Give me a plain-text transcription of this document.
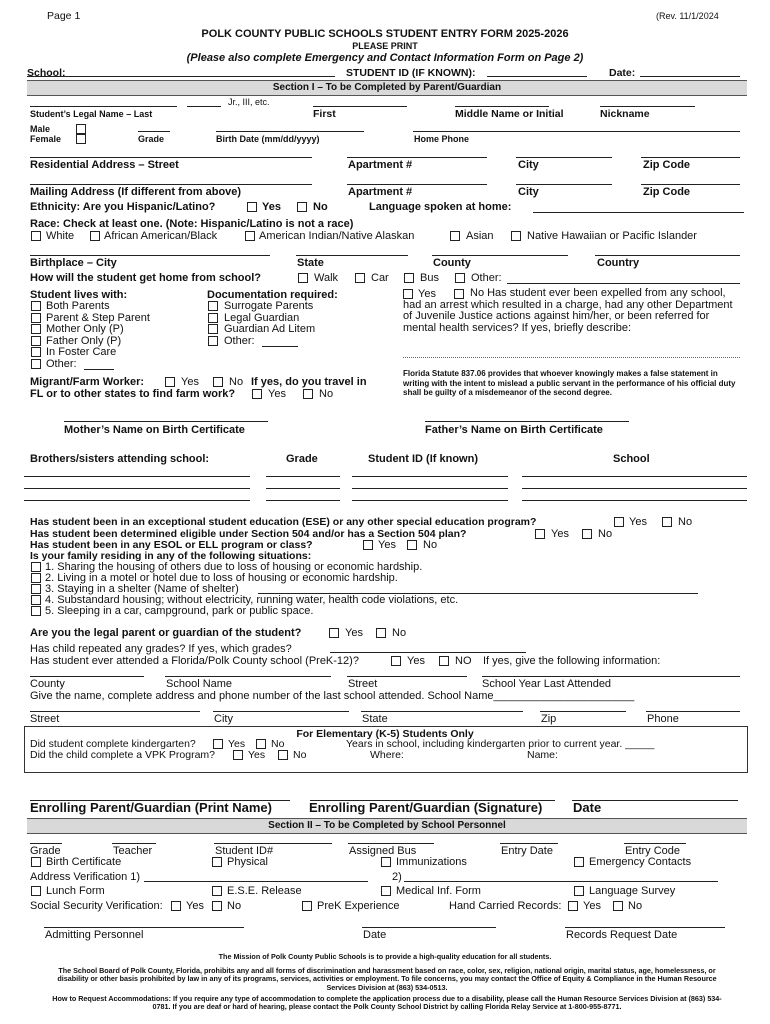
Page 1	(Rev. 11/1/2024
POLK COUNTY PUBLIC SCHOOLS STUDENT ENTRY FORM 2025-2026
PLEASE PRINT
(Please also complete Emergency and Contact Information Form on Page 2)
School:	STUDENT ID (IF KNOWN):	Date:
Section I – To be Completed by Parent/Guardian
Jr., III, etc.
Student’s Legal Name – Last	First	Middle Name or Initial	Nickname
Male
Female	Grade	Birth Date (mm/dd/yyyy)	Home Phone
Residential Address – Street	Apartment #	City	Zip Code
Mailing Address (If different from above)	Apartment #	City	Zip Code
Ethnicity: Are you Hispanic/Latino?	Yes	No	Language spoken at home:
Race: Check at least one. (Note: Hispanic/Latino is not a race)
White	African American/Black	American Indian/Native Alaskan	Asian	Native Hawaiian or Pacific Islander
Birthplace – City	State	County	Country
How will the student get home from school?	Walk	Car	Bus	Other:
Student lives with:
Both Parents
Parent & Step Parent
Mother Only (P)
Father Only (P)
In Foster Care
Other:
Documentation required:
Surrogate Parents
Legal Guardian
Guardian Ad Litem
Other:
Yes	No Has student ever been expelled from any school, had an arrest which resulted in a charge, had any other Department of Juvenile Justice actions against him/her, or been referred for mental health services? If yes, briefly describe:
Florida Statute 837.06 provides that whoever knowingly makes a false statement in writing with the intent to mislead a public servant in the performance of his official duty shall be guilty of a misdemeanor of the second degree.
Migrant/Farm Worker:	Yes	No If yes, do you travel in
FL or to other states to find farm work?	Yes	No
Mother’s Name on Birth Certificate	Father’s Name on Birth Certificate
Brothers/sisters attending school:	Grade	Student ID (If known)	School
Has student been in an exceptional student education (ESE) or any other special education program?	Yes	No
Has student been determined eligible under Section 504 and/or has a Section 504 plan?	Yes	No
Has student been in any ESOL or ELL program or class?	Yes No
Is your family residing in any of the following situations:
1. Sharing the housing of others due to loss of housing or economic hardship.
2. Living in a motel or hotel due to loss of housing or economic hardship.
3. Staying in a shelter (Name of shelter)
4. Substandard housing; without electricity, running water, health code violations, etc.
5. Sleeping in a car, campground, park or public space.
Are you the legal parent or guardian of the student?	Yes	No
Has child repeated any grades? If yes, which grades?
Has student ever attended a Florida/Polk County school (PreK-12)?	Yes	NO If yes, give the following information:
County	School Name	Street	School Year Last Attended
Give the name, complete address and phone number of the last school attended. School Name_______________________
Street	City	State	Zip	Phone
For Elementary (K-5) Students Only
Did student complete kindergarten?	Yes No	Years in school, including kindergarten prior to current year. _____
Did the child complete a VPK Program?	Yes	No	Where:	Name:
Enrolling Parent/Guardian (Print Name)	Enrolling Parent/Guardian (Signature) Date
Section II – To be Completed by School Personnel
Grade	Teacher	Student ID#	Assigned Bus	Entry Date	Entry Code
Birth Certificate	Physical	Immunizations	Emergency Contacts
Address Verification 1)	2)
Lunch Form	E.S.E. Release	Medical Inf. Form	Language Survey
Social Security Verification: Yes No	PreK Experience	Hand Carried Records: Yes No
Admitting Personnel	Date	Records Request Date
The Mission of Polk County Public Schools is to provide a high-quality education for all students.
The School Board of Polk County, Florida, prohibits any and all forms of discrimination and harassment based on race, color, sex, religion, national origin, marital status, age, homelessness, or disability or other basis prohibited by law in any of its programs, services, activities or employment. To file concerns, you may contact the Office of Equity & Compliance in the Human Resource Services Division at (863) 534-0513.
How to Request Accommodations: If you require any type of accommodation to complete the application process due to a disability, please call the Human Resource Services Division at (863) 534-0781. If you are deaf or hard of hearing, please contact the Polk County School District by calling Florida Relay Service at 1-800-955-8771.
